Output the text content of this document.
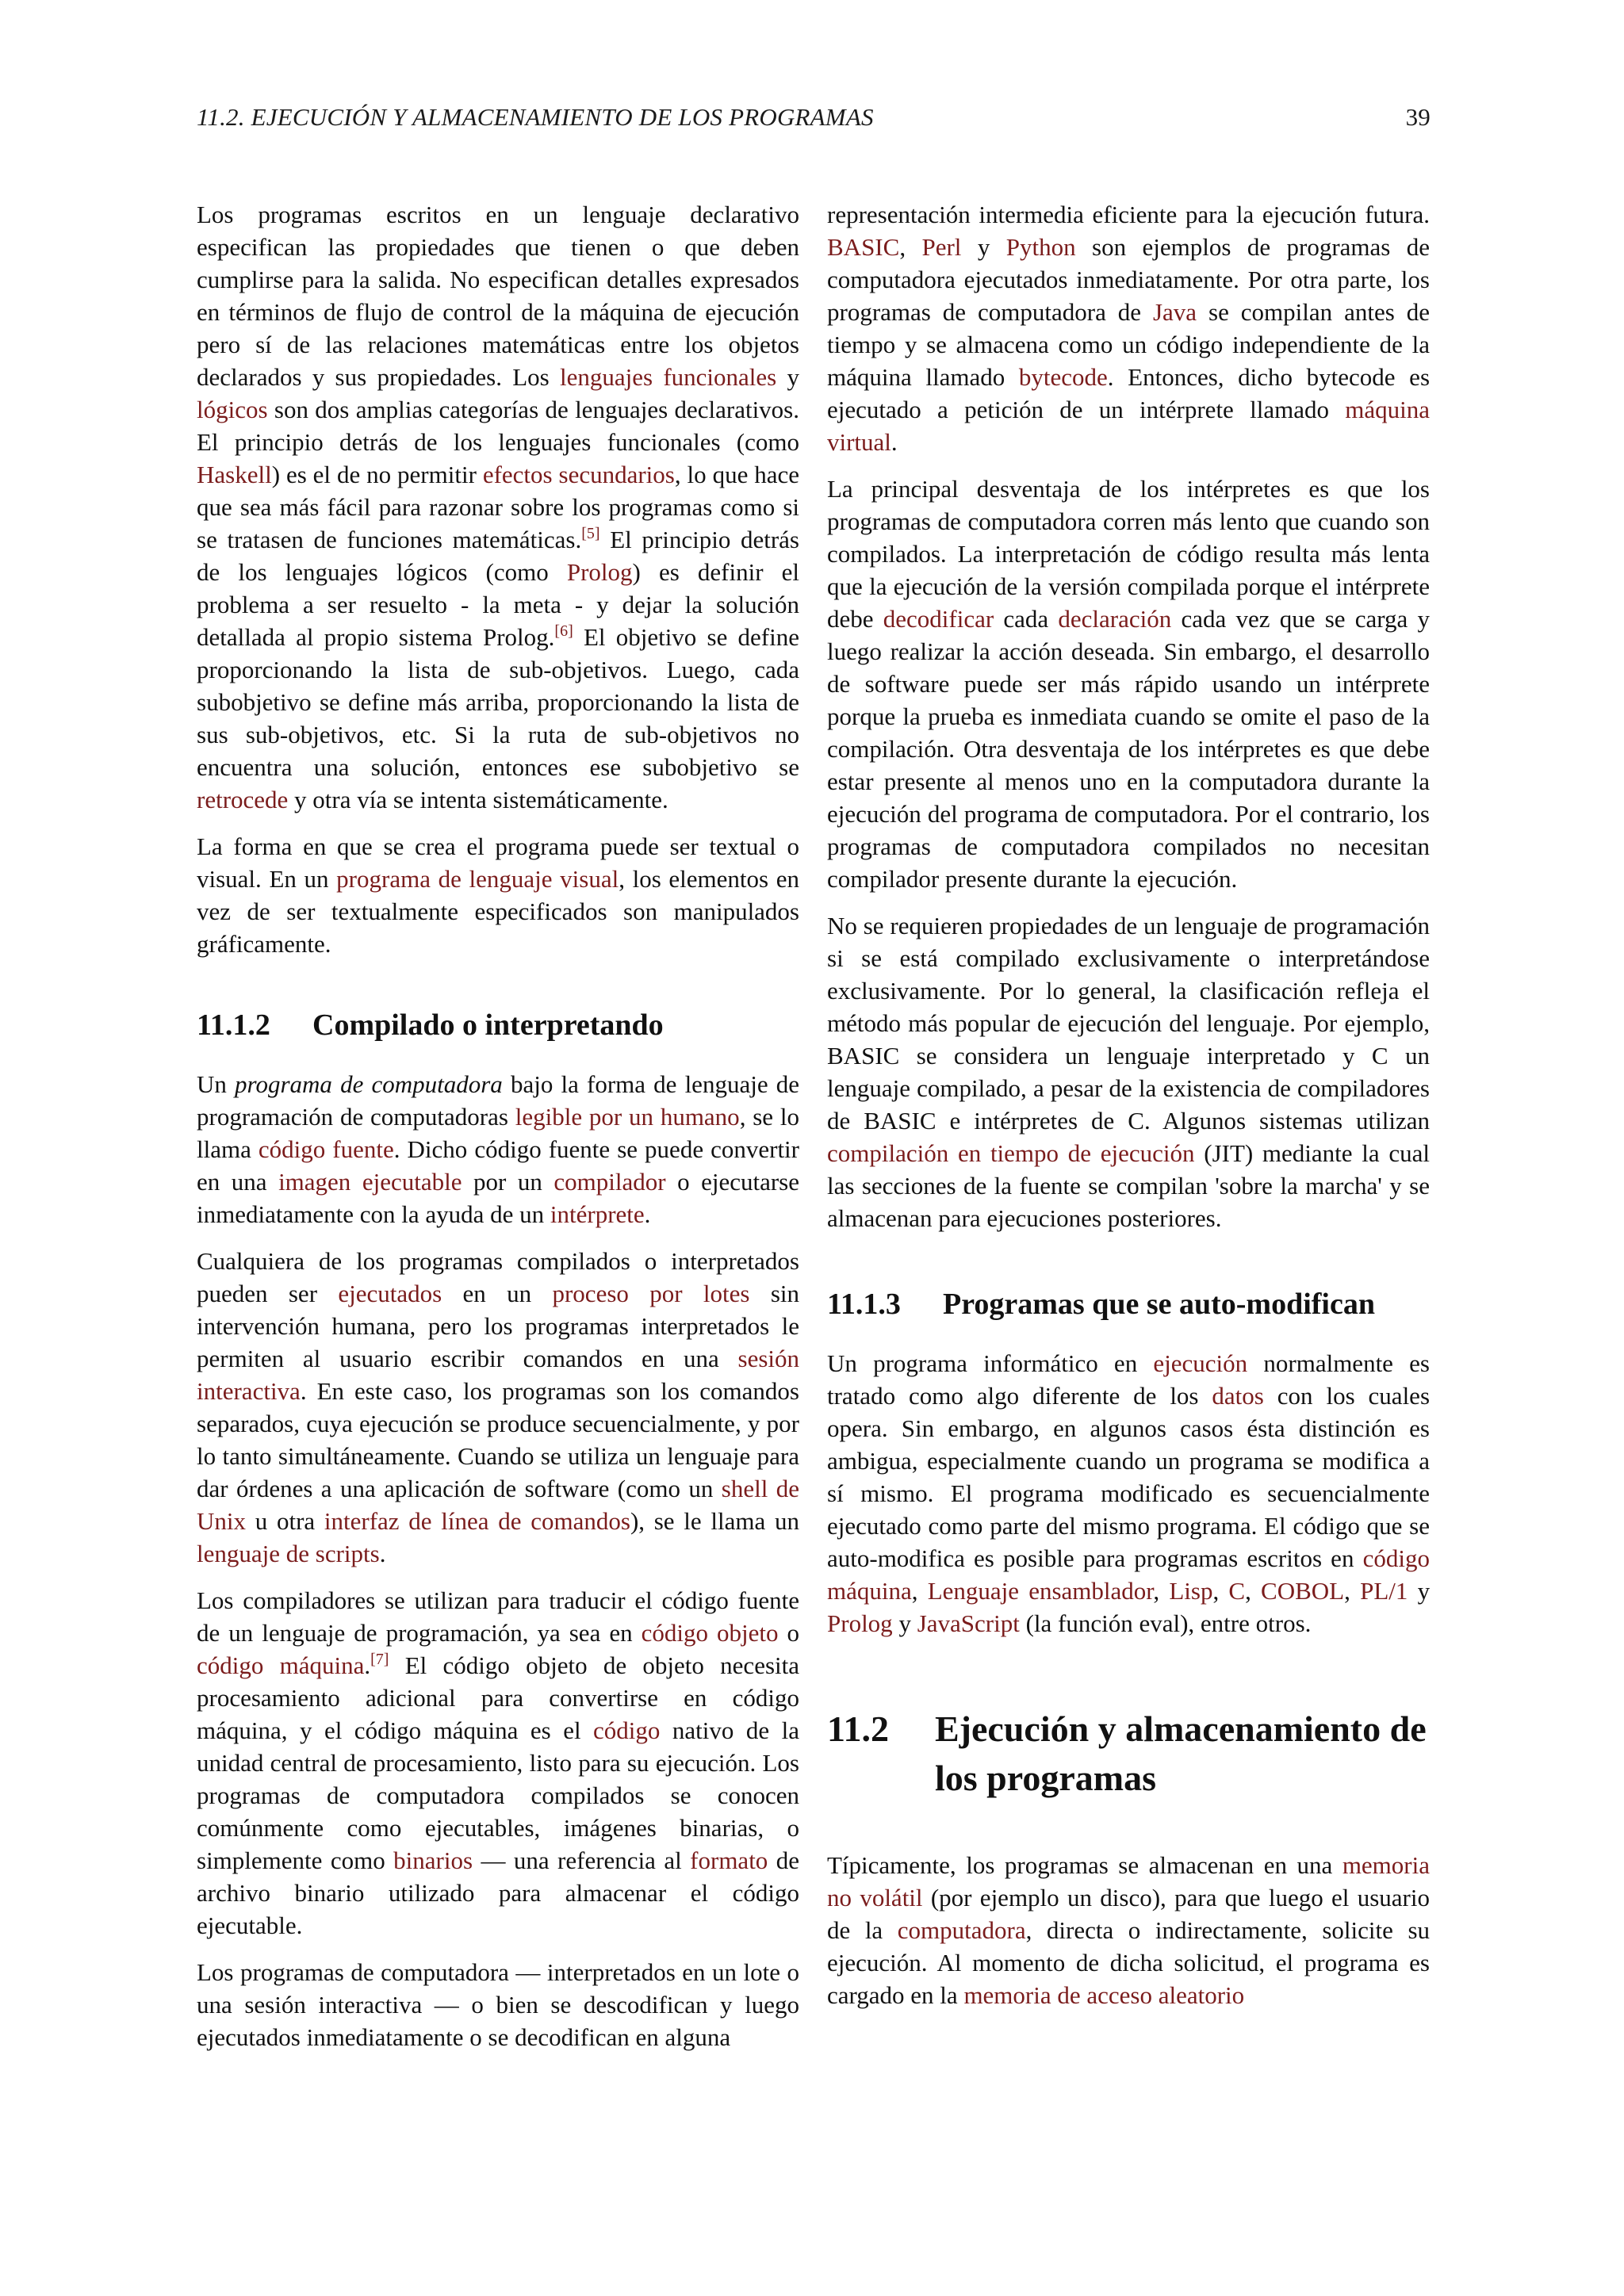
11.2. EJECUCIÓN Y ALMACENAMIENTO DE LOS PROGRAMAS	39

Los programas escritos en un lenguaje declarativo especifican las propiedades que tienen o que deben cumplirse para la salida. No especifican detalles expresados en términos de flujo de control de la máquina de ejecución pero sí de las relaciones matemáticas entre los objetos declarados y sus propiedades. Los lenguajes funcionales y lógicos son dos amplias categorías de lenguajes declarativos. El principio detrás de los lenguajes funcionales (como Haskell) es el de no permitir efectos secundarios, lo que hace que sea más fácil para razonar sobre los programas como si se tratasen de funciones matemáticas.[5] El principio detrás de los lenguajes lógicos (como Prolog) es definir el problema a ser resuelto - la meta - y dejar la solución detallada al propio sistema Prolog.[6] El objetivo se define proporcionando la lista de sub-objetivos. Luego, cada subobjetivo se define más arriba, proporcionando la lista de sus sub-objetivos, etc. Si la ruta de sub-objetivos no encuentra una solución, entonces ese subobjetivo se retrocede y otra vía se intenta sistemáticamente.

La forma en que se crea el programa puede ser textual o visual. En un programa de lenguaje visual, los elementos en vez de ser textualmente especificados son manipulados gráficamente.

11.1.2	Compilado o interpretando

Un programa de computadora bajo la forma de lenguaje de programación de computadoras legible por un humano, se lo llama código fuente. Dicho código fuente se puede convertir en una imagen ejecutable por un compilador o ejecutarse inmediatamente con la ayuda de un intérprete.

Cualquiera de los programas compilados o interpretados pueden ser ejecutados en un proceso por lotes sin intervención humana, pero los programas interpretados le permiten al usuario escribir comandos en una sesión interactiva. En este caso, los programas son los comandos separados, cuya ejecución se produce secuencialmente, y por lo tanto simultáneamente. Cuando se utiliza un lenguaje para dar órdenes a una aplicación de software (como un shell de Unix u otra interfaz de línea de comandos), se le llama un lenguaje de scripts.

Los compiladores se utilizan para traducir el código fuente de un lenguaje de programación, ya sea en código objeto o código máquina.[7] El código objeto de objeto necesita procesamiento adicional para convertirse en código máquina, y el código máquina es el código nativo de la unidad central de procesamiento, listo para su ejecución. Los programas de computadora compilados se conocen comúnmente como ejecutables, imágenes binarias, o simplemente como binarios — una referencia al formato de archivo binario utilizado para almacenar el código ejecutable.

Los programas de computadora — interpretados en un lote o una sesión interactiva — o bien se descodifican y luego ejecutados inmediatamente o se decodifican en alguna

representación intermedia eficiente para la ejecución futura. BASIC, Perl y Python son ejemplos de programas de computadora ejecutados inmediatamente. Por otra parte, los programas de computadora de Java se compilan antes de tiempo y se almacena como un código independiente de la máquina llamado bytecode. Entonces, dicho bytecode es ejecutado a petición de un intérprete llamado máquina virtual.

La principal desventaja de los intérpretes es que los programas de computadora corren más lento que cuando son compilados. La interpretación de código resulta más lenta que la ejecución de la versión compilada porque el intérprete debe decodificar cada declaración cada vez que se carga y luego realizar la acción deseada. Sin embargo, el desarrollo de software puede ser más rápido usando un intérprete porque la prueba es inmediata cuando se omite el paso de la compilación. Otra desventaja de los intérpretes es que debe estar presente al menos uno en la computadora durante la ejecución del programa de computadora. Por el contrario, los programas de computadora compilados no necesitan compilador presente durante la ejecución.

No se requieren propiedades de un lenguaje de programación si se está compilado exclusivamente o interpretándose exclusivamente. Por lo general, la clasificación refleja el método más popular de ejecución del lenguaje. Por ejemplo, BASIC se considera un lenguaje interpretado y C un lenguaje compilado, a pesar de la existencia de compiladores de BASIC e intérpretes de C. Algunos sistemas utilizan compilación en tiempo de ejecución (JIT) mediante la cual las secciones de la fuente se compilan 'sobre la marcha' y se almacenan para ejecuciones posteriores.

11.1.3	Programas que se auto-modifican

Un programa informático en ejecución normalmente es tratado como algo diferente de los datos con los cuales opera. Sin embargo, en algunos casos ésta distinción es ambigua, especialmente cuando un programa se modifica a sí mismo. El programa modificado es secuencialmente ejecutado como parte del mismo programa. El código que se auto-modifica es posible para programas escritos en código máquina, Lenguaje ensamblador, Lisp, C, COBOL, PL/1 y Prolog y JavaScript (la función eval), entre otros.

11.2	Ejecución y almacenamiento de los programas

Típicamente, los programas se almacenan en una memoria no volátil (por ejemplo un disco), para que luego el usuario de la computadora, directa o indirectamente, solicite su ejecución. Al momento de dicha solicitud, el programa es cargado en la memoria de acceso aleatorio
